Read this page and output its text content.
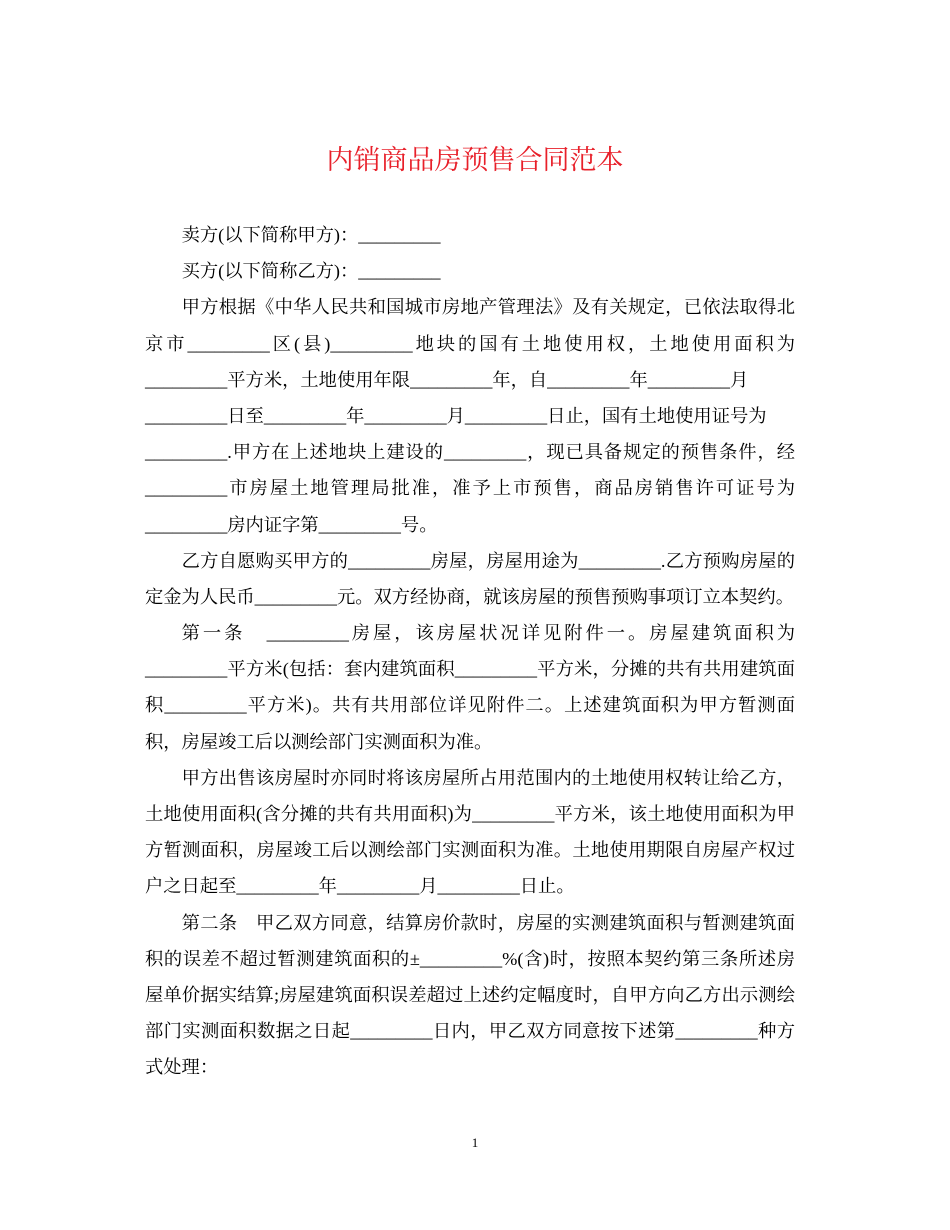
内销商品房预售合同范本
卖方(以下简称甲方)：_________
买方(以下简称乙方)：_________
甲方根据《中华人民共和国城市房地产管理法》及有关规定，已依法取得北
京市_________区(县)_________地块的国有土地使用权，土地使用面积为
_________平方米，土地使用年限_________年，自_________年_________月
_________日至_________年_________月_________日止，国有土地使用证号为
_________.甲方在上述地块上建设的_________，现已具备规定的预售条件，经
_________市房屋土地管理局批准，准予上市预售，商品房销售许可证号为
_________房内证字第_________号。
乙方自愿购买甲方的_________房屋，房屋用途为_________.乙方预购房屋的
定金为人民币_________元。双方经协商，就该房屋的预售预购事项订立本契约。
第一条　_________房屋，该房屋状况详见附件一。房屋建筑面积为
_________平方米(包括：套内建筑面积_________平方米，分摊的共有共用建筑面
积_________平方米)。共有共用部位详见附件二。上述建筑面积为甲方暂测面
积，房屋竣工后以测绘部门实测面积为准。
甲方出售该房屋时亦同时将该房屋所占用范围内的土地使用权转让给乙方，
土地使用面积(含分摊的共有共用面积)为_________平方米，该土地使用面积为甲
方暂测面积，房屋竣工后以测绘部门实测面积为准。土地使用期限自房屋产权过
户之日起至_________年_________月_________日止。
第二条　甲乙双方同意，结算房价款时，房屋的实测建筑面积与暂测建筑面
积的误差不超过暂测建筑面积的±_________%(含)时，按照本契约第三条所述房
屋单价据实结算;房屋建筑面积误差超过上述约定幅度时，自甲方向乙方出示测绘
部门实测面积数据之日起_________日内，甲乙双方同意按下述第_________种方
式处理：
1
